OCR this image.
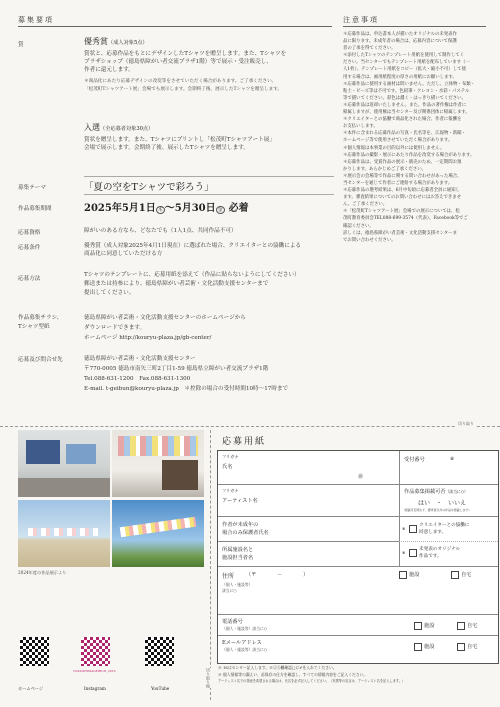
募集要項
賞	優秀賞（成人対象5点）
賞状と、応募作品をもとにデザインしたTシャツを贈呈します。また、Tシャツを
プラザショップ（徳島県障がい者交流プラザ1階）等で展示・受注販売し、
作者に還元します。
＊商品化にあたり応募デザインの改変等をさせていただく場合があります。ご了承ください。
「松茂町Tシャツアート展」会場でも展示します。会期終了後、展示したTシャツを贈呈します。
入選（全応募者対象30点）
賞状を贈呈します。また、Tシャツにプリントし「松茂町Tシャツアート展」
会場で展示します。会期終了後、展示したTシャツを贈呈します。
募集テーマ	「夏の空をTシャツで彩ろう」
作品募集期間	2025年5月1日 木 〜5月30日 金 必着
応募資格	障がいのある方なら、どなたでも（1人1点、共同作品不可）
応募条件	優秀賞（成人対象2025年4月1日現在）に選ばれた場合、クリエイターとの協働による
商品化に同意していただける方
応募方法
Tシャツのテンプレートに、応募用紙を添えて（作品に貼らないようにしてください）
郵送または持参により、徳島県障がい者芸術・文化活動支援センターまで
提出してください。
作品募集チラシ、
Tシャツ型紙
徳島県障がい者芸術・文化活動支援センターのホームページから
ダウンロードできます。
ホームページ http://kouryu-plaza.jp/gb-center/
応募及び問合せ先	徳島県障がい者芸術・文化活動支援センター
〒770-0005 徳島市南矢三町2丁目1-59 徳島県立障がい者交流プラザ1階
Tel.088-631-1200　Fax.088-631-1300
E-mail. t-geibun@kouryu-plaza.jp　＊控除の場合の受付時間10時〜17時まで
注意事項
＊応募作品は、申込書本人が描いたオリジナルの未発表作
品に限ります。未成年者の場合は、応募内容について保護
者の了承を得てください。
＊添付したTシャツのテンプレート用紙を使用して制作してく
ださい。当センターでもテンプレート用紙を配布しています（一
人1枚）。テンプレート用紙をコピー（拡大・縮小不可）して使
用する場合は、画用紙程度の厚さの用紙にお願いします。
＊応募作品に使用する画材は問いません。ただし、立体物・布類・
粘土・ビーズ等は不可です。色鉛筆・クレヨン・水彩・パステル
等で描いてください。彩色は濃く・はっきり描いてください。
＊応募作品は返却いたしません。また、作品の著作権は作者に
帰属しますが、使用権は当センター及び関係団体に帰属します。
＊クリエイターとの協働で商品化された場合、作者に報酬を
お支払いします。
＊本件に含まれる応募作品の写真・氏名等を、広報物・新聞・
ホームページ等で使用させていただく場合があります。
＊個人情報は本事業の目的以外には使用しません。
＊応募作品の撮影・展示にあたり作品を改変する場合があります。
＊応募作品は、受賞作品の展示・販売のため、一定期間お預
かりします。あらかじめご了承ください。
＊展示会の会場等で作品に関する問い合わせがあった場合、
当センターを通じて作者にご連絡する場合があります。
＊応募作品の選考結果は、6月中旬頃に応募者全員に通知し
ます。審査結果についてのお問い合わせにはお答えできませ
ん。ご了承ください。
＊「松茂町Tシャツアート展」会場での展示については、松
茂町教育委員会TEL088-699-3574（代表）、Facebook等でご
確認ください。
詳しくは、徳島県障がい者芸術・文化活動支援センターま
でお問い合わせください。
切り取り
2024年度の作品展示より
TOKUSHIMAGEIBUN_2016
ホームページ	Instagram	YouTube
切り取り線
応募用紙
フリガナ
氏名
㊞
受付番号	※
フリガナ
アーティスト名
作品募集掲載可否（該当に○）
はい　・　いいえ
（掲載可否問わず、優秀賞以外の作品を掲載します）
作者が未成年の
場合のみ保護者氏名
※
クリエイターとの協働に
同意します。
所属施設名と
施設担当者名
※
未発表のオリジナル
作品です。
住所 （〒　　　　－　　　　）
（個人・施設等）
該当に○
施設	自宅
電話番号
（個人・施設等）該当に○	施設	自宅
Eメールアドレス
（個人・施設等）該当に○	施設	自宅
※ 16はセンター記入します。※②⑤欄確認□に✔を入れてください。
※ 個人情報等の漏えい、苗保存の仕方を確認し、すべての情報内容をご記入ください。
アーティスト名での発表を希望される場合は、氏名を必ず記入してください。（実質等の宣言は、アーティスト名を記入します。）
